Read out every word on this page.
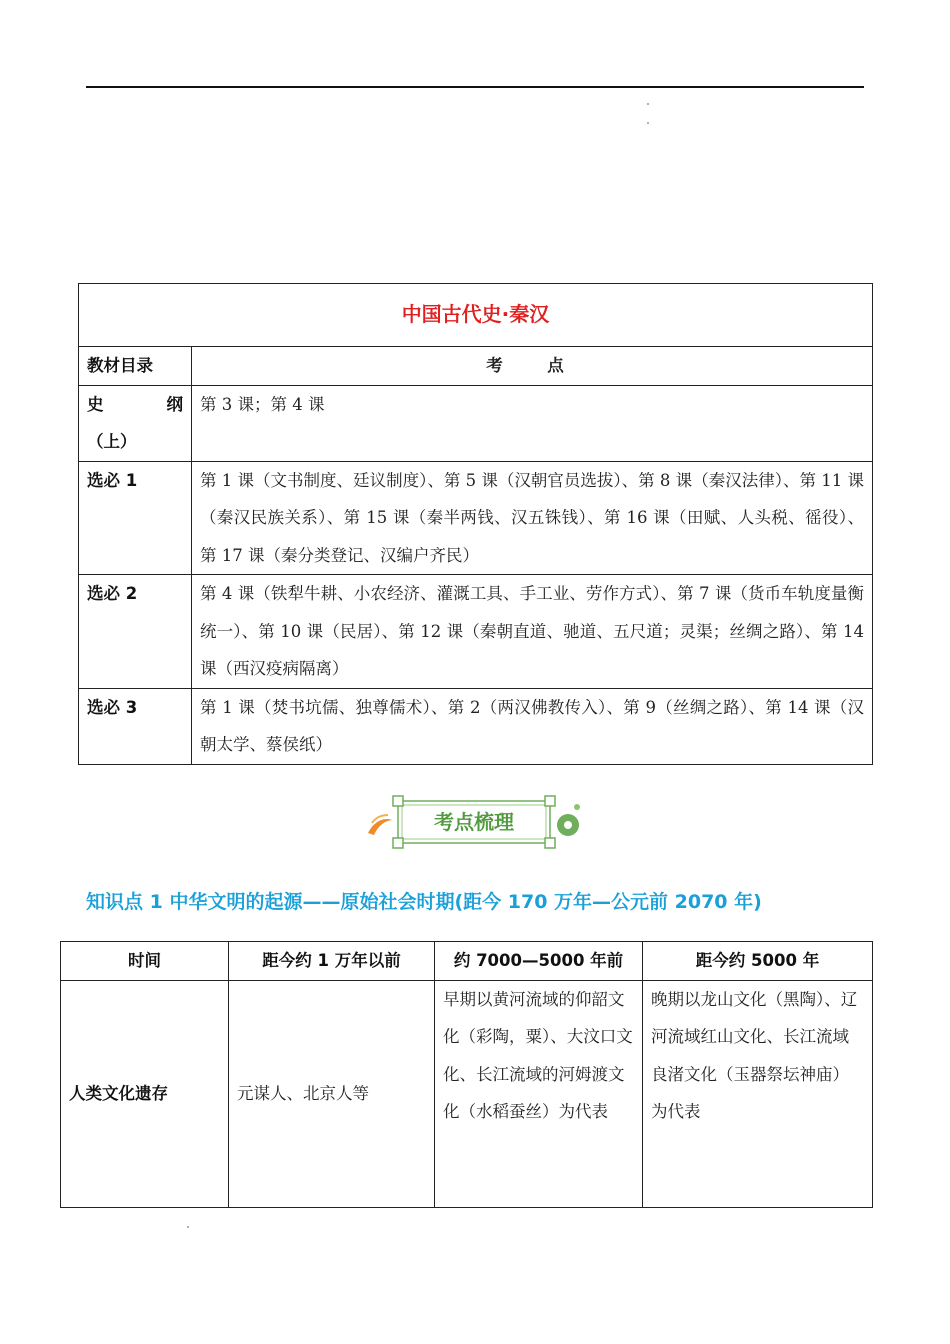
中国古代史·秦汉	
教材目录	考　点

史 纲
（上）	第 3 课；第 4 课
选必 1	第 1 课（文书制度、廷议制度）、第 5 课（汉朝官员选拔）、第 8 课（秦汉法律）、第 11 课（秦汉民族关系）、第 15 课（秦半两钱、汉五铢钱）、第 16 课（田赋、人头税、徭役）、第 17 课（秦分类登记、汉编户齐民）
选必 2	第 4 课（铁犁牛耕、小农经济、灌溉工具、手工业、劳作方式）、第 7 课（货币车轨度量衡统一）、第 10 课（民居）、第 12 课（秦朝直道、驰道、五尺道；灵渠；丝绸之路）、第 14 课（西汉疫病隔离）
选必 3	第 1 课（焚书坑儒、独尊儒术）、第 2（两汉佛教传入）、第 9（丝绸之路）、第 14 课（汉朝太学、蔡侯纸）
考点梳理
知识点 1 中华文明的起源——原始社会时期(距今 170 万年—公元前 2070 年)
时间	距今约 1 万年以前	约 7000—5000 年前	距今约 5000 年
人类文化遗存	元谋人、北京人等	早期以黄河流域的仰韶文化（彩陶，粟）、大汶口文化、长江流域的河姆渡文化（水稻蚕丝）为代表	晚期以龙山文化（黑陶）、辽河流域红山文化、长江流域良渚文化（玉器祭坛神庙）为代表
